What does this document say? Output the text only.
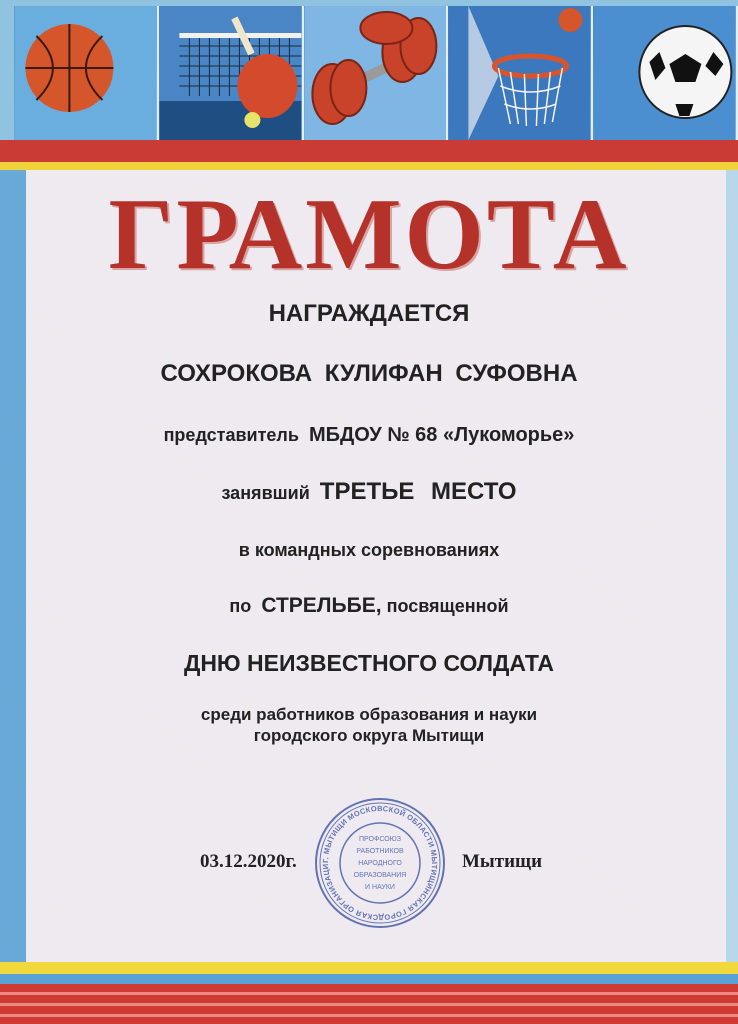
ГРАМОТА
НАГРАЖДАЕТСЯ
СОХРОКОВА КУЛИФАН СУФОВНА
представитель МБДОУ № 68 «Лукоморье»
занявший ТРЕТЬЕ МЕСТО
в командных соревнованиях
по СТРЕЛЬБЕ, посвященной
ДНЮ НЕИЗВЕСТНОГО СОЛДАТА
среди работников образования и науки
городского округа Мытищи
03.12.2020г.	Мытищи
Г. МЫТИЩИ МОСКОВСКОЙ ОБЛАСТИ МЫТИЩИНСКАЯ ГОРОДСКАЯ ОРГАНИЗАЦИ
ПРОФСОЮЗ
РАБОТНИКОВ
НАРОДНОГО
ОБРАЗОВАНИЯ
И НАУКИ
